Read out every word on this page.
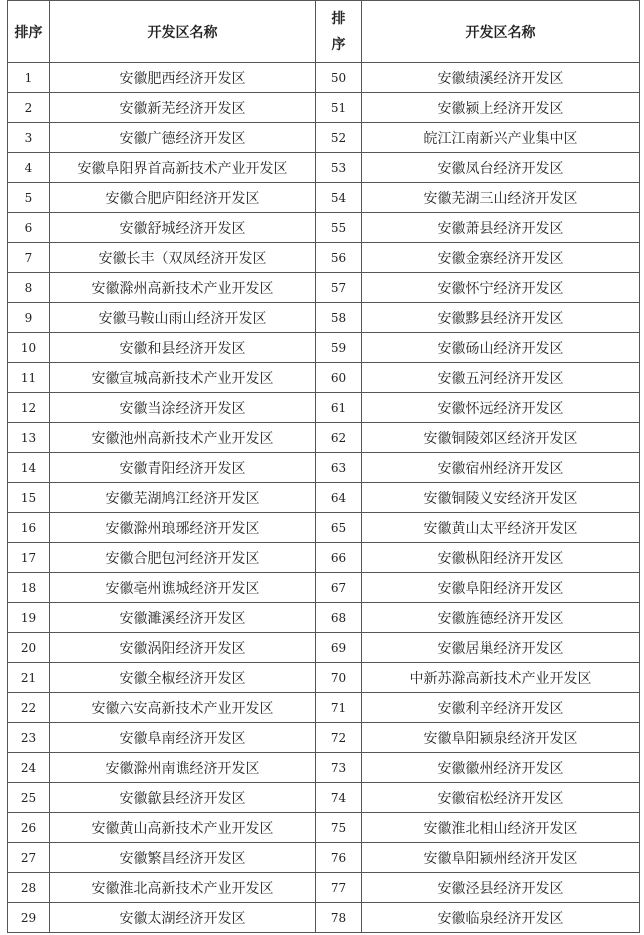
排序	开发区名称	排序	开发区名称
1	安徽肥西经济开发区	50	安徽绩溪经济开发区
2	安徽新芜经济开发区	51	安徽颍上经济开发区
3	安徽广德经济开发区	52	皖江江南新兴产业集中区
4	安徽阜阳界首高新技术产业开发区	53	安徽凤台经济开发区
5	安徽合肥庐阳经济开发区	54	安徽芜湖三山经济开发区
6	安徽舒城经济开发区	55	安徽萧县经济开发区
7	安徽长丰（双凤经济开发区	56	安徽金寨经济开发区
8	安徽滁州高新技术产业开发区	57	安徽怀宁经济开发区
9	安徽马鞍山雨山经济开发区	58	安徽黟县经济开发区
10	安徽和县经济开发区	59	安徽砀山经济开发区
11	安徽宣城高新技术产业开发区	60	安徽五河经济开发区
12	安徽当涂经济开发区	61	安徽怀远经济开发区
13	安徽池州高新技术产业开发区	62	安徽铜陵郊区经济开发区
14	安徽青阳经济开发区	63	安徽宿州经济开发区
15	安徽芜湖鸠江经济开发区	64	安徽铜陵义安经济开发区
16	安徽滁州琅琊经济开发区	65	安徽黄山太平经济开发区
17	安徽合肥包河经济开发区	66	安徽枞阳经济开发区
18	安徽亳州谯城经济开发区	67	安徽阜阳经济开发区
19	安徽濉溪经济开发区	68	安徽旌德经济开发区
20	安徽涡阳经济开发区	69	安徽居巢经济开发区
21	安徽全椒经济开发区	70	中新苏滁高新技术产业开发区
22	安徽六安高新技术产业开发区	71	安徽利辛经济开发区
23	安徽阜南经济开发区	72	安徽阜阳颍泉经济开发区
24	安徽滁州南谯经济开发区	73	安徽徽州经济开发区
25	安徽歙县经济开发区	74	安徽宿松经济开发区
26	安徽黄山高新技术产业开发区	75	安徽淮北相山经济开发区
27	安徽繁昌经济开发区	76	安徽阜阳颍州经济开发区
28	安徽淮北高新技术产业开发区	77	安徽泾县经济开发区
29	安徽太湖经济开发区	78	安徽临泉经济开发区
